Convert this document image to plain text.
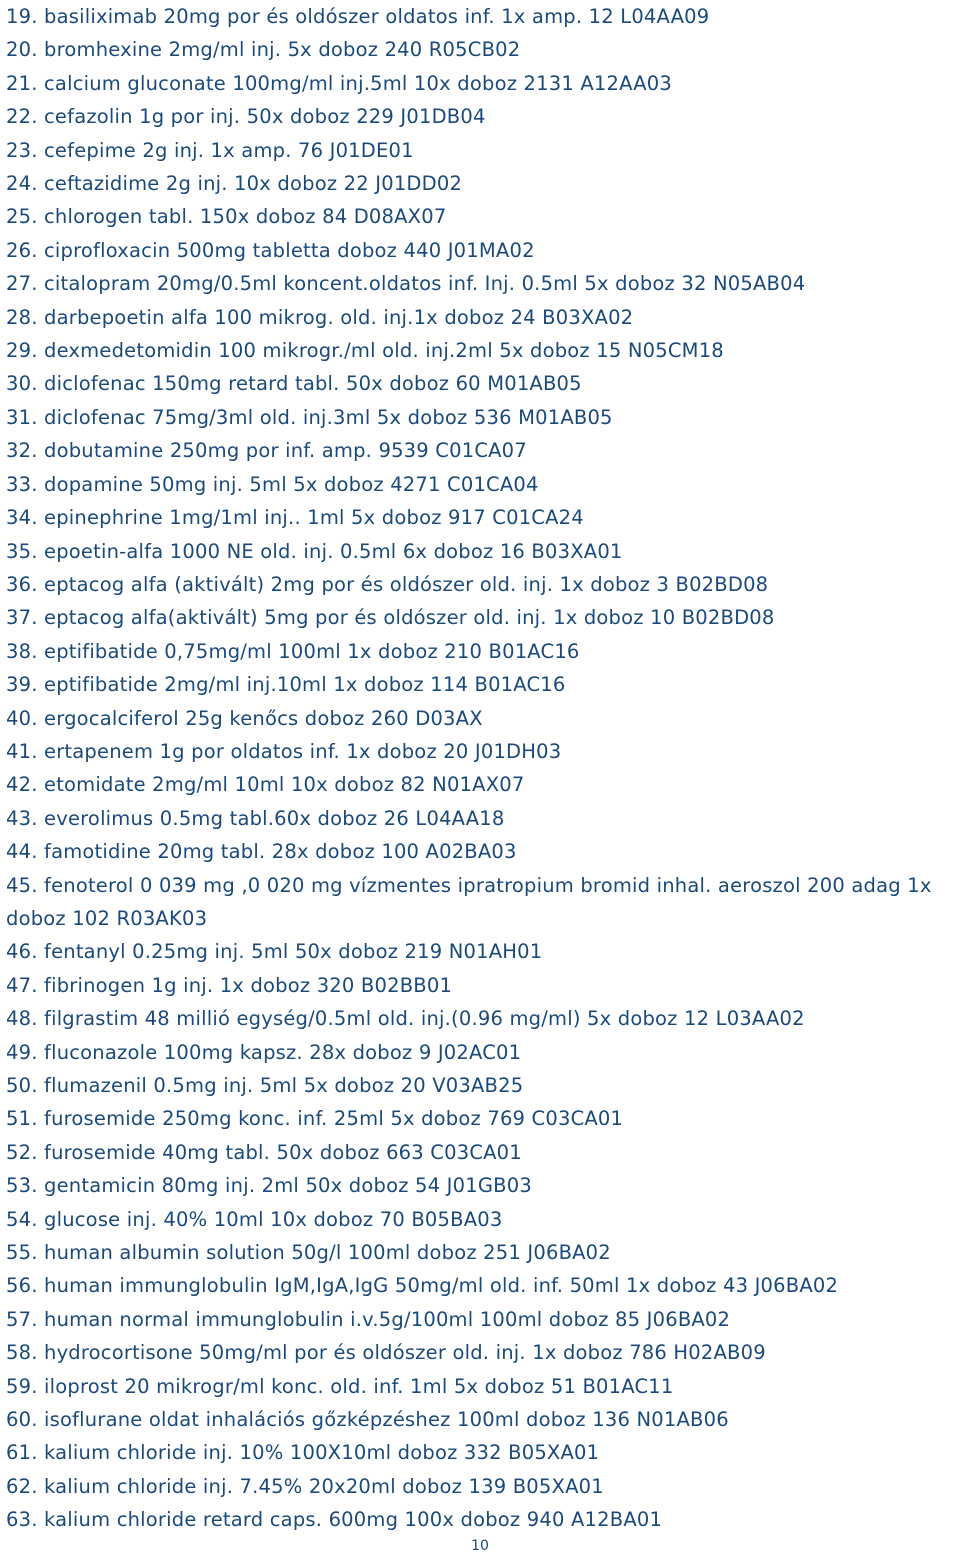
19. basiliximab 20mg por és oldószer oldatos inf. 1x amp. 12 L04AA09
20. bromhexine 2mg/ml inj. 5x doboz 240 R05CB02
21. calcium gluconate 100mg/ml inj.5ml 10x doboz 2131 A12AA03
22. cefazolin 1g por inj. 50x doboz 229 J01DB04
23. cefepime 2g inj. 1x amp. 76 J01DE01
24. ceftazidime 2g inj. 10x doboz 22 J01DD02
25. chlorogen tabl. 150x doboz 84 D08AX07
26. ciprofloxacin 500mg tabletta doboz 440 J01MA02
27. citalopram 20mg/0.5ml koncent.oldatos inf. Inj. 0.5ml 5x doboz 32 N05AB04
28. darbepoetin alfa 100 mikrog. old. inj.1x doboz 24 B03XA02
29. dexmedetomidin 100 mikrogr./ml old. inj.2ml 5x doboz 15 N05CM18
30. diclofenac 150mg retard tabl. 50x doboz 60 M01AB05
31. diclofenac 75mg/3ml old. inj.3ml 5x doboz 536 M01AB05
32. dobutamine 250mg por inf. amp. 9539 C01CA07
33. dopamine 50mg inj. 5ml 5x doboz 4271 C01CA04
34. epinephrine 1mg/1ml inj.. 1ml 5x doboz 917 C01CA24
35. epoetin-alfa 1000 NE old. inj. 0.5ml 6x doboz 16 B03XA01
36. eptacog alfa (aktivált) 2mg por és oldószer old. inj. 1x doboz 3 B02BD08
37. eptacog alfa(aktivált) 5mg por és oldószer old. inj. 1x doboz 10 B02BD08
38. eptifibatide 0,75mg/ml 100ml 1x doboz 210 B01AC16
39. eptifibatide 2mg/ml inj.10ml 1x doboz 114 B01AC16
40. ergocalciferol 25g kenőcs doboz 260 D03AX
41. ertapenem 1g por oldatos inf. 1x doboz 20 J01DH03
42. etomidate 2mg/ml 10ml 10x doboz 82 N01AX07
43. everolimus 0.5mg tabl.60x doboz 26 L04AA18
44. famotidine 20mg tabl. 28x doboz 100 A02BA03
45. fenoterol 0 039 mg ,0 020 mg vízmentes ipratropium bromid inhal. aeroszol 200 adag 1x doboz 102 R03AK03
46. fentanyl 0.25mg inj. 5ml 50x doboz 219 N01AH01
47. fibrinogen 1g inj. 1x doboz 320 B02BB01
48. filgrastim 48 millió egység/0.5ml old. inj.(0.96 mg/ml) 5x doboz 12 L03AA02
49. fluconazole 100mg kapsz. 28x doboz 9 J02AC01
50. flumazenil 0.5mg inj. 5ml 5x doboz 20 V03AB25
51. furosemide 250mg konc. inf. 25ml 5x doboz 769 C03CA01
52. furosemide 40mg tabl. 50x doboz 663 C03CA01
53. gentamicin 80mg inj. 2ml 50x doboz 54 J01GB03
54. glucose inj. 40% 10ml 10x doboz 70 B05BA03
55. human albumin solution 50g/l 100ml doboz 251 J06BA02
56. human immunglobulin IgM,IgA,IgG 50mg/ml old. inf. 50ml 1x doboz 43 J06BA02
57. human normal immunglobulin i.v.5g/100ml 100ml doboz 85 J06BA02
58. hydrocortisone 50mg/ml por és oldószer old. inj. 1x doboz 786 H02AB09
59. iloprost 20 mikrogr/ml konc. old. inf. 1ml 5x doboz 51 B01AC11
60. isoflurane oldat inhalációs gőzképzéshez 100ml doboz 136 N01AB06
61. kalium chloride inj. 10% 100X10ml doboz 332 B05XA01
62. kalium chloride inj. 7.45% 20x20ml doboz 139 B05XA01
63. kalium chloride retard caps. 600mg 100x doboz 940 A12BA01
10
